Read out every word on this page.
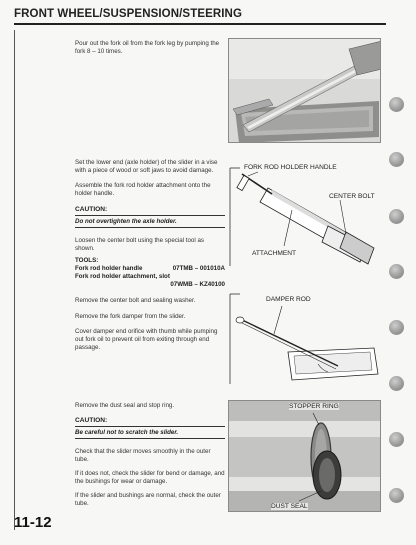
FRONT WHEEL/SUSPENSION/STEERING
Pour out the fork oil from the fork leg by pumping the fork 8 – 10 times.
Set the lower end (axle holder) of the slider in a vise with a piece of wood or soft jaws to avoid damage.
Assemble the fork rod holder attachment onto the holder handle.
CAUTION:
Do not overtighten the axle holder.
Loosen the center bolt using the special tool as shown.
TOOLS:
Fork rod holder handle	07TMB – 001010A
Fork rod holder attachment, slot
07WMB – KZ40100
FORK ROD HOLDER HANDLE
CENTER BOLT
ATTACHMENT
Remove the center bolt and sealing washer.
Remove the fork damper from the slider.
Cover damper end orifice with thumb while pumping out fork oil to prevent oil from exiting through end passage.
DAMPER ROD
Remove the dust seal and stop ring.
CAUTION:
Be careful not to scratch the slider.
Check that the slider moves smoothly in the outer tube.
If it does not, check the slider for bend or damage, and the bushings for wear or damage.
If the slider and bushings are normal, check the outer tube.
STOPPER RING
DUST SEAL
11-12
